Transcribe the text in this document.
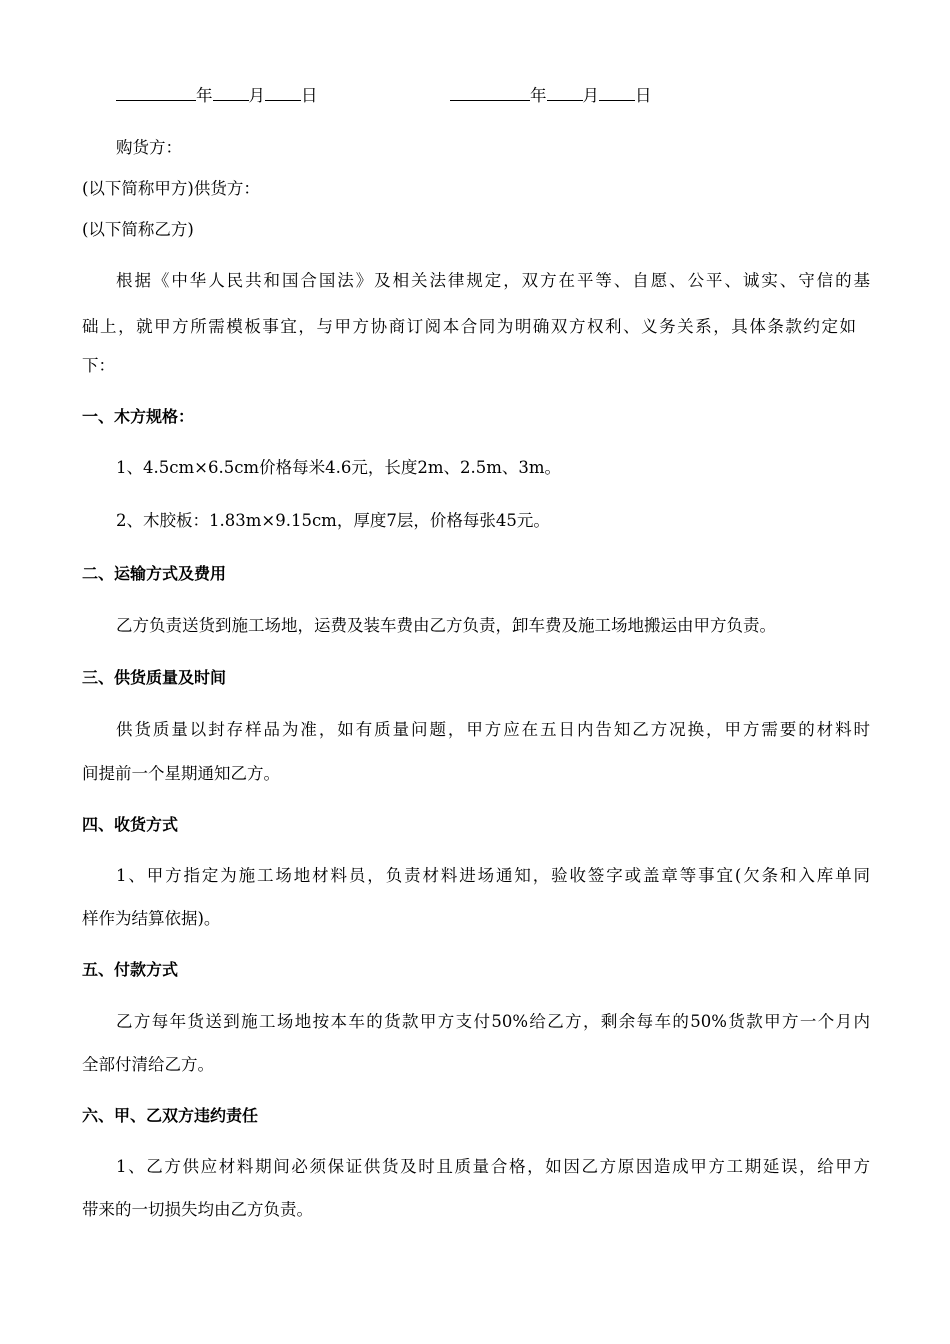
年 月 日	年 月 日
购货方：
(以下简称甲方)供货方：
(以下简称乙方)
根据《中华人民共和国合国法》及相关法律规定，双方在平等、自愿、公平、诚实、守信的基
础上，就甲方所需模板事宜，与甲方协商订阅本合同为明确双方权利、义务关系，具体条款约定如
下：
一、木方规格：
1、4.5cm×6.5cm价格每米4.6元，长度2m、2.5m、3m。
2、木胶板：1.83m×9.15cm，厚度7层，价格每张45元。
二、运输方式及费用
乙方负责送货到施工场地，运费及装车费由乙方负责，卸车费及施工场地搬运由甲方负责。
三、供货质量及时间
供货质量以封存样品为准，如有质量问题，甲方应在五日内告知乙方况换，甲方需要的材料时
间提前一个星期通知乙方。
四、收货方式
1、甲方指定为施工场地材料员，负责材料进场通知，验收签字或盖章等事宜(欠条和入库单同
样作为结算依据)。
五、付款方式
乙方每年货送到施工场地按本车的货款甲方支付50%给乙方，剩余每车的50%货款甲方一个月内
全部付清给乙方。
六、甲、乙双方违约责任
1、乙方供应材料期间必须保证供货及时且质量合格，如因乙方原因造成甲方工期延误，给甲方
带来的一切损失均由乙方负责。
